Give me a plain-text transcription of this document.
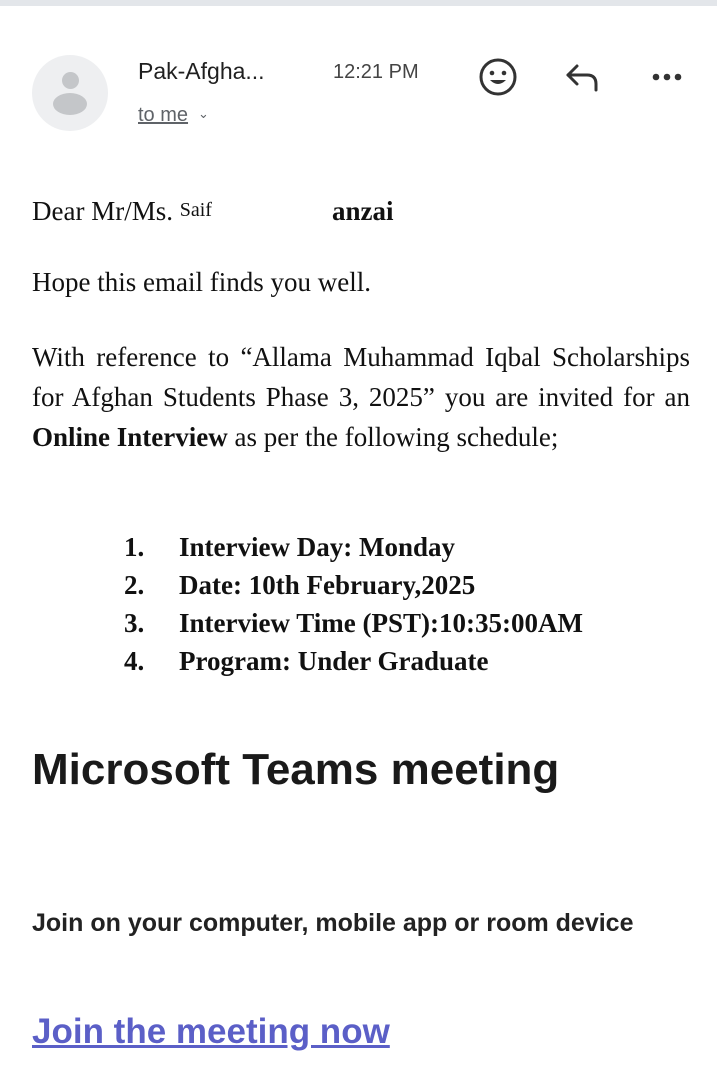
Pak-Afgha...	12:21 PM
to me ⌄
Dear Mr/Ms. Saif	anzai
Hope this email finds you well.
With reference to “Allama Muhammad Iqbal Scholarships for Afghan Students Phase 3, 2025” you are invited for an Online Interview as per the following schedule;
1. Interview Day: Monday
2. Date: 10th February,2025
3. Interview Time (PST):10:35:00AM
4. Program: Under Graduate
Microsoft Teams meeting
Join on your computer, mobile app or room device
Join the meeting now
